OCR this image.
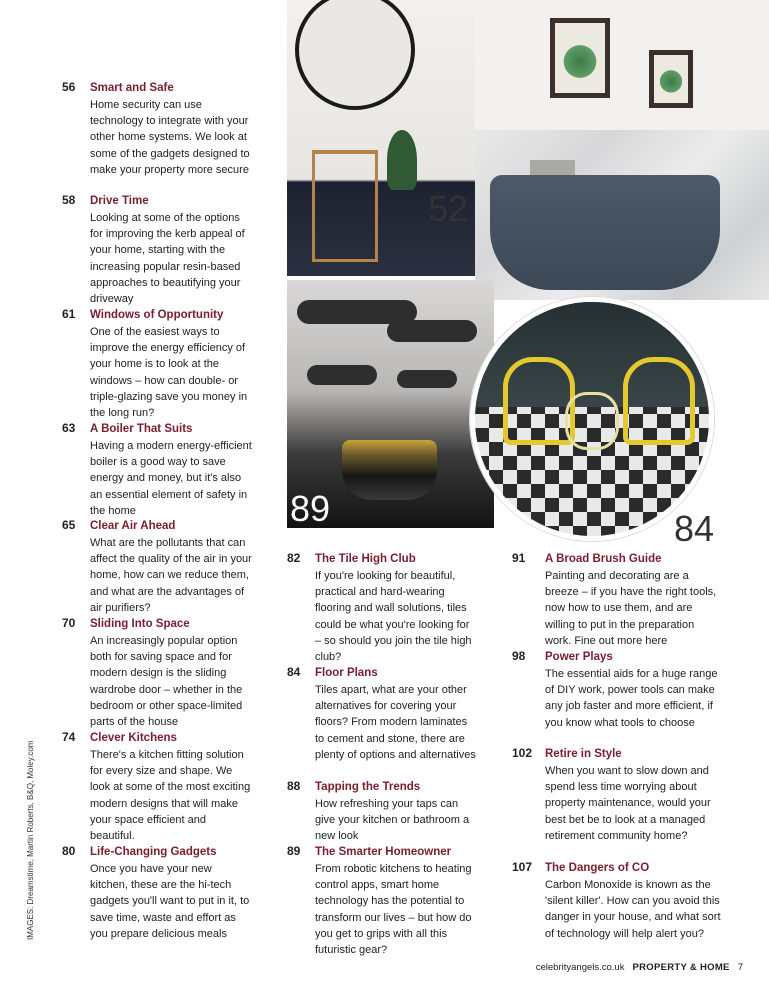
52
89	84
56	Smart and Safe
Home security can use technology to integrate with your other home systems. We look at some of the gadgets designed to make your property more secure
58	Drive Time
Looking at some of the options for improving the kerb appeal of your home, starting with the increasing popular resin-based approaches to beautifying your driveway
61	Windows of Opportunity
One of the easiest ways to improve the energy efficiency of your home is to look at the windows – how can double- or triple-glazing save you money in the long run?
63	A Boiler That Suits
Having a modern energy-efficient boiler is a good way to save energy and money, but it's also an essential element of safety in the home
65	Clear Air Ahead
What are the pollutants that can affect the quality of the air in your home, how can we reduce them, and what are the advantages of air purifiers?
70	Sliding Into Space
An increasingly popular option both for saving space and for modern design is the sliding wardrobe door – whether in the bedroom or other space-limited parts of the house
74	Clever Kitchens
There's a kitchen fitting solution for every size and shape. We look at some of the most exciting modern designs that will make your space efficient and beautiful.
80	Life-Changing Gadgets
Once you have your new kitchen, these are the hi-tech gadgets you'll want to put in it, to save time, waste and effort as you prepare delicious meals
82	The Tile High Club
If you're looking for beautiful, practical and hard-wearing flooring and wall solutions, tiles could be what you're looking for – so should you join the tile high club?
84	Floor Plans
Tiles apart, what are your other alternatives for covering your floors? From modern laminates to cement and stone, there are plenty of options and alternatives
88	Tapping the Trends
How refreshing your taps can give your kitchen or bathroom a new look
89	The Smarter Homeowner
From robotic kitchens to heating control apps, smart home technology has the potential to transform our lives – but how do you get to grips with all this futuristic gear?
91	A Broad Brush Guide
Painting and decorating are a breeze – if you have the right tools, now how to use them, and are willing to put in the preparation work. Fine out more here
98	Power Plays
The essential aids for a huge range of DIY work, power tools can make any job faster and more efficient, if you know what tools to choose
102	Retire in Style
When you want to slow down and spend less time worrying about property maintenance, would your best bet be to look at a managed retirement community home?
107	The Dangers of CO
Carbon Monoxide is known as the 'silent killer'. How can you avoid this danger in your house, and what sort of technology will help alert you?
IMAGES: Dreamstime, Martin Roberts, B&Q, Moley.com
celebrityangels.co.uk PROPERTY & HOME 7
